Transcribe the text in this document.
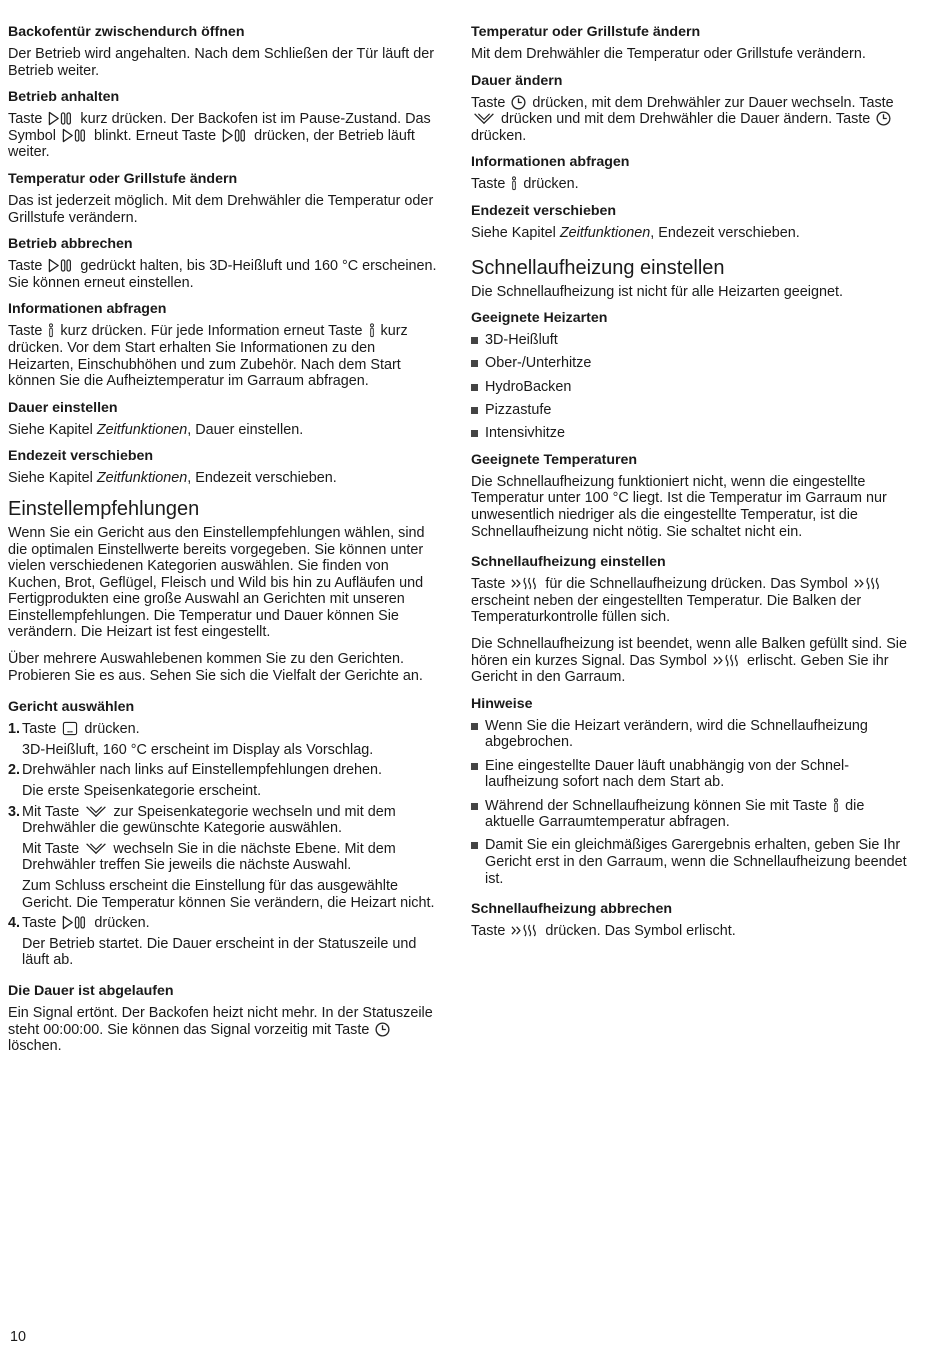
Backofentür zwischendurch öffnen

Der Betrieb wird angehalten. Nach dem Schließen der Tür läuft der Betrieb weiter.

Betrieb anhalten

Taste	kurz drücken. Der Backofen ist im Pause-Zustand. Das Symbol	blinkt. Erneut Taste	drücken, der Betrieb läuft weiter.

Temperatur oder Grillstufe ändern

Das ist jederzeit möglich. Mit dem Drehwähler die Temperatur oder Grillstufe verändern.

Betrieb abbrechen

Taste	gedrückt halten, bis 3D-Heißluft und 160 °C erscheinen. Sie können erneut einstellen.

Informationen abfragen

Taste kurz drücken. Für jede Information erneut Taste kurz drücken. Vor dem Start erhalten Sie Informationen zu den Heizarten, Einschubhöhen und zum Zubehör. Nach dem Start können Sie die Aufheiztemperatur im Garraum abfragen.

Dauer einstellen

Siehe Kapitel Zeitfunktionen, Dauer einstellen.

Endezeit verschieben

Siehe Kapitel Zeitfunktionen, Endezeit verschieben.

Einstellempfehlungen

Wenn Sie ein Gericht aus den Einstellempfehlungen wählen, sind die optimalen Einstellwerte bereits vorgegeben. Sie können unter vielen verschiedenen Kategorien auswählen. Sie finden von Kuchen, Brot, Geflügel, Fleisch und Wild bis hin zu Aufläufen und Fertigprodukten eine große Auswahl an Gerichten mit unseren Einstellempfehlungen. Die Temperatur und Dauer können Sie verändern. Die Heizart ist fest eingestellt.

Über mehrere Auswahlebenen kommen Sie zu den Gerichten. Probieren Sie es aus. Sehen Sie sich die Vielfalt der Gerichte an.

Gericht auswählen
1. Taste drücken.
3D-Heißluft, 160 °C erscheint im Display als Vorschlag.
2. Drehwähler nach links auf Einstellempfehlungen drehen.
Die erste Speisenkategorie erscheint.
3. Mit Taste zur Speisenkategorie wechseln und mit dem Drehwähler die gewünschte Kategorie auswählen.
Mit Taste wechseln Sie in die nächste Ebene. Mit dem Drehwähler treffen Sie jeweils die nächste Auswahl.
Zum Schluss erscheint die Einstellung für das ausgewählte Gericht. Die Temperatur können Sie verändern, die Heizart nicht.
4. Taste	drücken.
Der Betrieb startet. Die Dauer erscheint in der Statuszeile und läuft ab.
Die Dauer ist abgelaufen

Ein Signal ertönt. Der Backofen heizt nicht mehr. In der Statuszeile steht 00:00:00. Sie können das Signal vorzeitig mit Taste
löschen.

Temperatur oder Grillstufe ändern

Mit dem Drehwähler die Temperatur oder Grillstufe verändern.

Dauer ändern

Taste drücken, mit dem Drehwähler zur Dauer wechseln. Taste
drücken und mit dem Drehwähler die Dauer ändern. Taste
drücken.

Informationen abfragen

Taste drücken.

Endezeit verschieben

Siehe Kapitel Zeitfunktionen, Endezeit verschieben.

Schnellaufheizung einstellen

Die Schnellaufheizung ist nicht für alle Heizarten geeignet.

Geeignete Heizarten
3D-Heißluft
Ober-/Unterhitze
HydroBacken
Pizzastufe
Intensivhitze
Geeignete Temperaturen

Die Schnellaufheizung funktioniert nicht, wenn die eingestellte Temperatur unter 100 °C liegt. Ist die Temperatur im Garraum nur unwesentlich niedriger als die eingestellte Temperatur, ist die Schnellaufheizung nicht nötig. Sie schaltet nicht ein.

Schnellaufheizung einstellen

Taste	für die Schnellaufheizung drücken. Das Symbol
erscheint neben der eingestellten Temperatur. Die Balken der Temperaturkontrolle füllen sich.

Die Schnellaufheizung ist beendet, wenn alle Balken gefüllt sind. Sie hören ein kurzes Signal. Das Symbol	erlischt. Geben Sie ihr Gericht in den Garraum.

Hinweise
Wenn Sie die Heizart verändern, wird die Schnellaufheizung abgebrochen.
Eine eingestellte Dauer läuft unabhängig von der Schnellaufheizung sofort nach dem Start ab.
Während der Schnellaufheizung können Sie mit Taste die aktuelle Garraumtemperatur abfragen.
Damit Sie ein gleichmäßiges Garergebnis erhalten, geben Sie Ihr Gericht erst in den Garraum, wenn die Schnellaufheizung beendet ist.
Schnellaufheizung abbrechen

Taste	drücken. Das Symbol erlischt.

10
